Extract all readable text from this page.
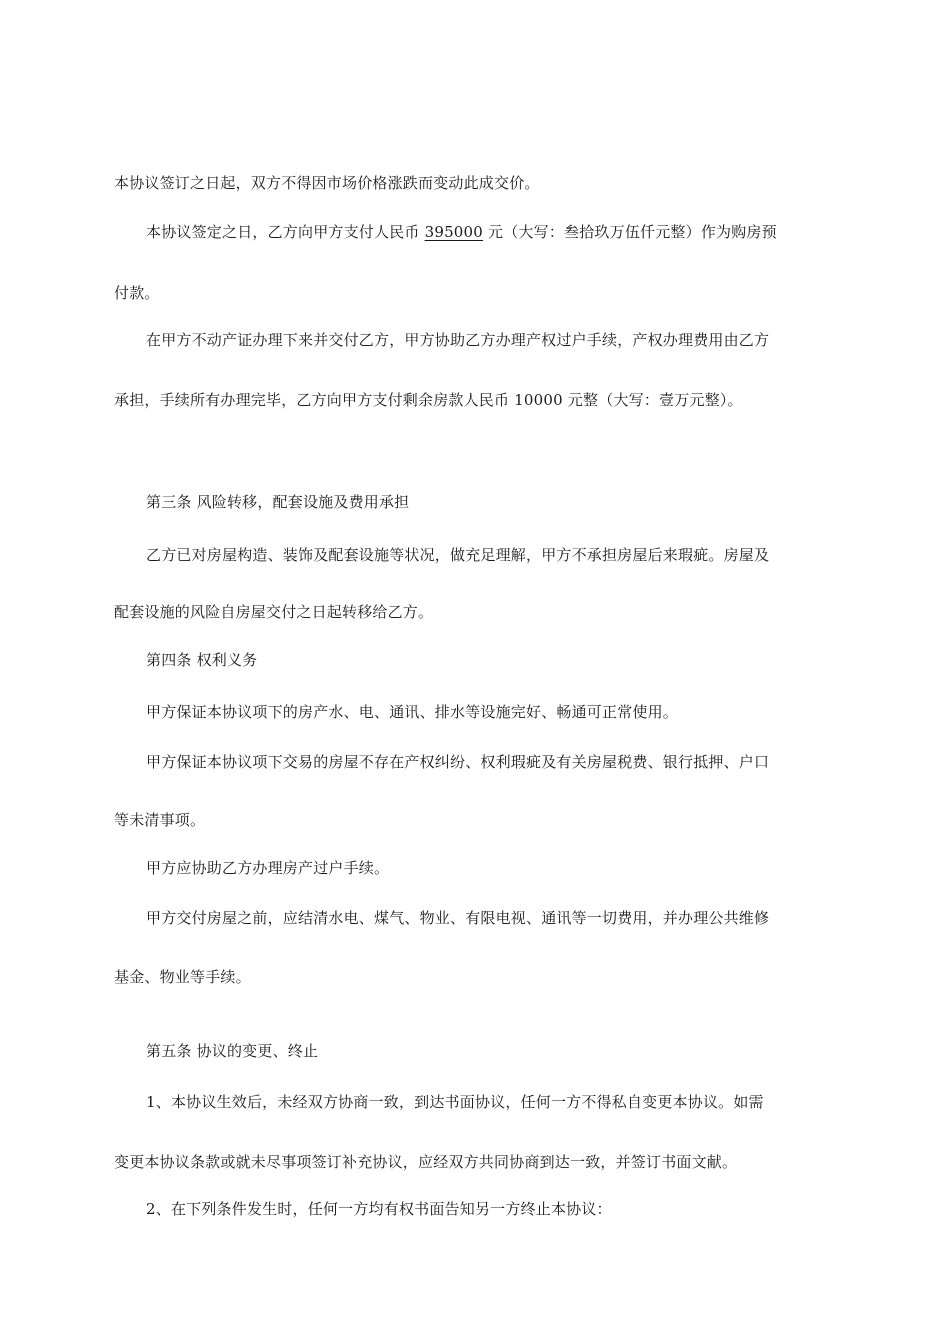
本协议签订之日起，双方不得因市场价格涨跌而变动此成交价。
本协议签定之日，乙方向甲方支付人民币 395000 元（大写：叁拾玖万伍仟元整）作为购房预
付款。
在甲方不动产证办理下来并交付乙方，甲方协助乙方办理产权过户手续，产权办理费用由乙方
承担，手续所有办理完毕，乙方向甲方支付剩余房款人民币 10000 元整（大写：壹万元整）。
第三条 风险转移，配套设施及费用承担
乙方已对房屋构造、装饰及配套设施等状况，做充足理解，甲方不承担房屋后来瑕疵。房屋及
配套设施的风险自房屋交付之日起转移给乙方。
第四条 权利义务
甲方保证本协议项下的房产水、电、通讯、排水等设施完好、畅通可正常使用。
甲方保证本协议项下交易的房屋不存在产权纠纷、权利瑕疵及有关房屋税费、银行抵押、户口
等未清事项。
甲方应协助乙方办理房产过户手续。
甲方交付房屋之前，应结清水电、煤气、物业、有限电视、通讯等一切费用，并办理公共维修
基金、物业等手续。
第五条 协议的变更、终止
1、本协议生效后，未经双方协商一致，到达书面协议，任何一方不得私自变更本协议。如需
变更本协议条款或就未尽事项签订补充协议，应经双方共同协商到达一致，并签订书面文献。
2、在下列条件发生时，任何一方均有权书面告知另一方终止本协议：
